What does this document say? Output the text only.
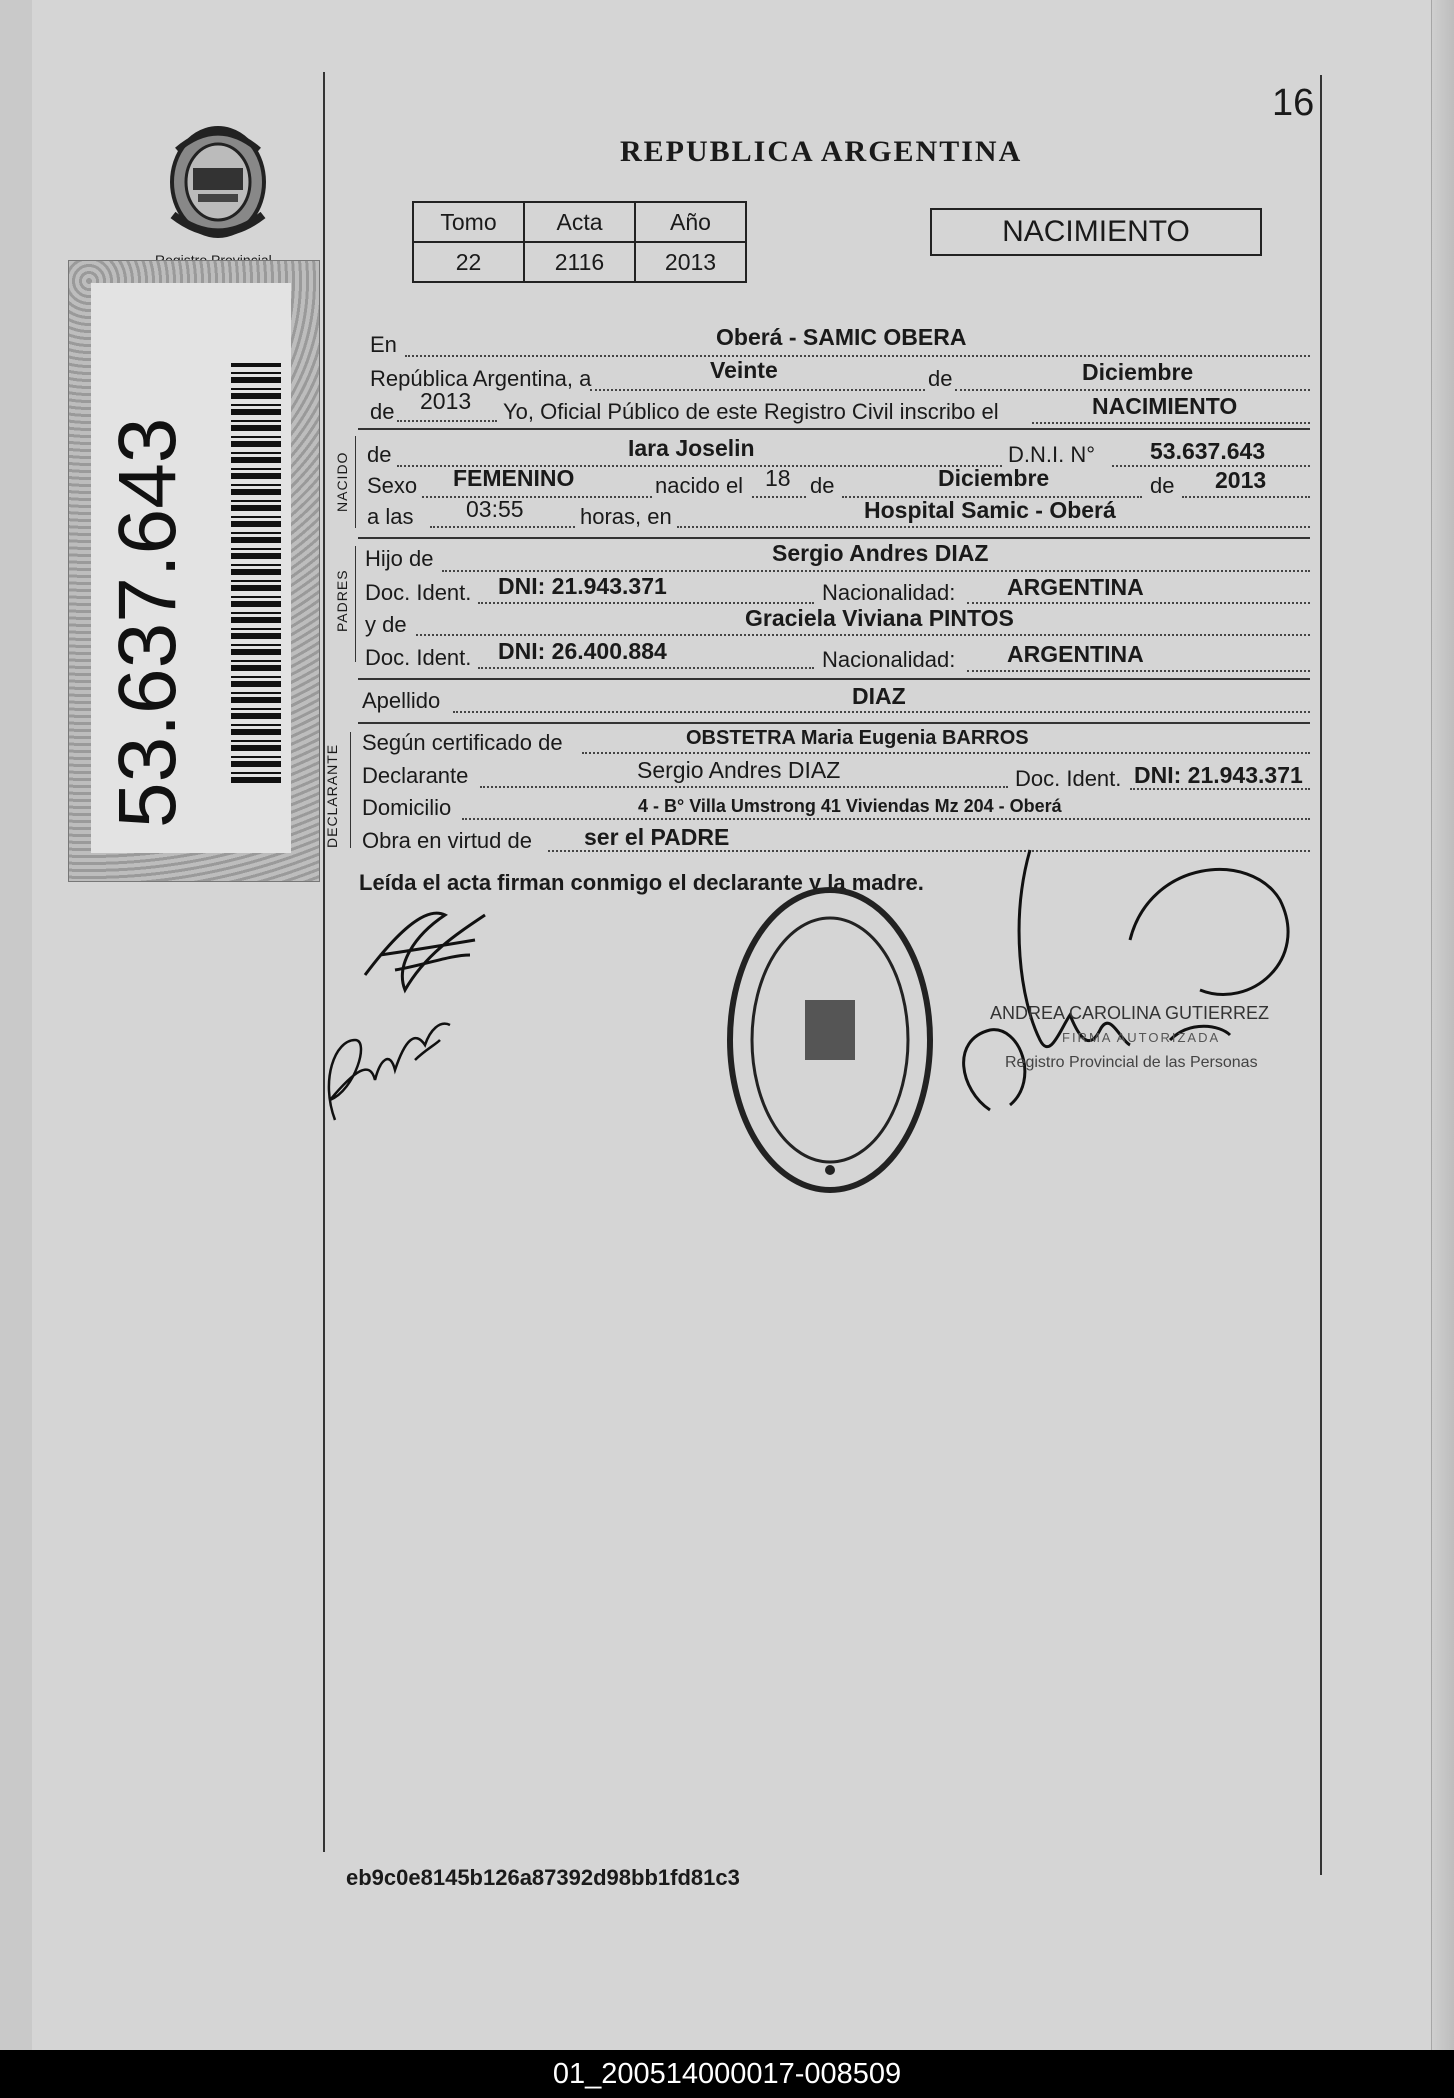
53.637.643
16
REPUBLICA ARGENTINA
Tomo	Acta	Año
22	2116	2013
NACIMIENTO
En	Oberá - SAMIC OBERA
República Argentina, a	Veinte	de	Diciembre
de 2013 Yo, Oficial Público de este Registro Civil inscribo el	NACIMIENTO
NACIDO de	Iara Joselin	D.N.I. N° 53.637.643
Sexo FEMENINO	nacido el 18 de	Diciembre	de 2013
a las 03:55	horas, en	Hospital Samic - Oberá
PADRES
Hijo de	Sergio Andres DIAZ
Doc. Ident. DNI: 21.943.371	Nacionalidad: ARGENTINA
y de	Graciela Viviana PINTOS
Doc. Ident. DNI: 26.400.884	Nacionalidad: ARGENTINA
Apellido	DIAZ
DECLARANTE
Según certificado de	OBSTETRA Maria Eugenia BARROS
Declarante	Sergio Andres DIAZ	Doc. Ident. DNI: 21.943.371
Domicilio	4 - B° Villa Umstrong 41 Viviendas Mz 204 - Oberá
Obra en virtud de ser el PADRE
Leída el acta firman conmigo el declarante y la madre.
ANDREA CAROLINA GUTIERREZ
FIRMA AUTORIZADA
Registro Provincial de las Personas
eb9c0e8145b126a87392d98bb1fd81c3
01_200514000017-008509
